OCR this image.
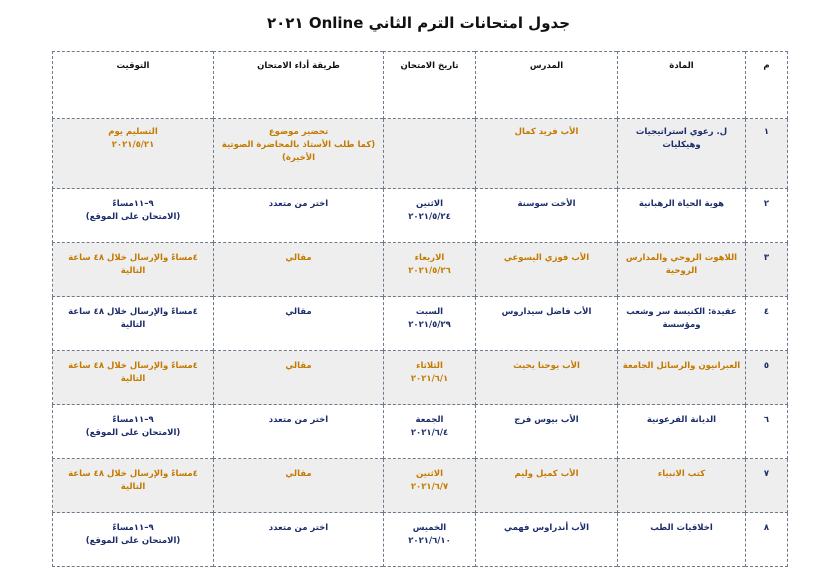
جدول امتحانات الترم الثاني Online ٢٠٢١
م	المادة	المدرس	تاريخ الامتحان	طريقة أداء الامتحان	التوقيت
١	ل. رعوي استراتيجيات وهيكليات	الأب فريد كمال		تحضير موضوع
(كما طلب الأستاذ بالمحاضرة الصوتية الأخيرة)	التسليم يوم
٢٠٢١/٥/٢١

٢	هوية الحياة الرهبانية	الأخت سوسنة	الاثنين
٢٠٢١/٥/٢٤	اختر من متعدد	٩–١١مساءً
(الامتحان على الموقع)

٣	اللاهوت الروحي والمدارس الروحية	الأب فوزي اليسوعي	الاربعاء
٢٠٢١/٥/٢٦	مقالي	٤مساءً والإرسال خلال ٤٨ ساعة
التالية

٤	عقيدة: الكنيسة سر وشعب ومؤسسة	الأب فاضل سيداروس	السبت
٢٠٢١/٥/٢٩	مقالي	٤مساءً والإرسال خلال ٤٨ ساعة
التالية

٥	العبرانيون والرسائل الجامعة	الأب يوحنا يحيث	الثلاثاء
٢٠٢١/٦/١	مقالي	٤مساءً والإرسال خلال ٤٨ ساعة
التالية

٦	الديانة الفرعونية	الأب بيوس فرج	الجمعة
٢٠٢١/٦/٤	اختر من متعدد	٩–١١مساءً
(الامتحان على الموقع)

٧	كتب الانبياء	الأب كميل وليم	الاثنين
٢٠٢١/٦/٧	مقالي	٤مساءً والإرسال خلال ٤٨ ساعة
التالية

٨	اخلاقيات الطب	الأب أندراوس فهمي	الخميس
٢٠٢١/٦/١٠	اختر من متعدد	٩–١١مساءً
(الامتحان على الموقع)
